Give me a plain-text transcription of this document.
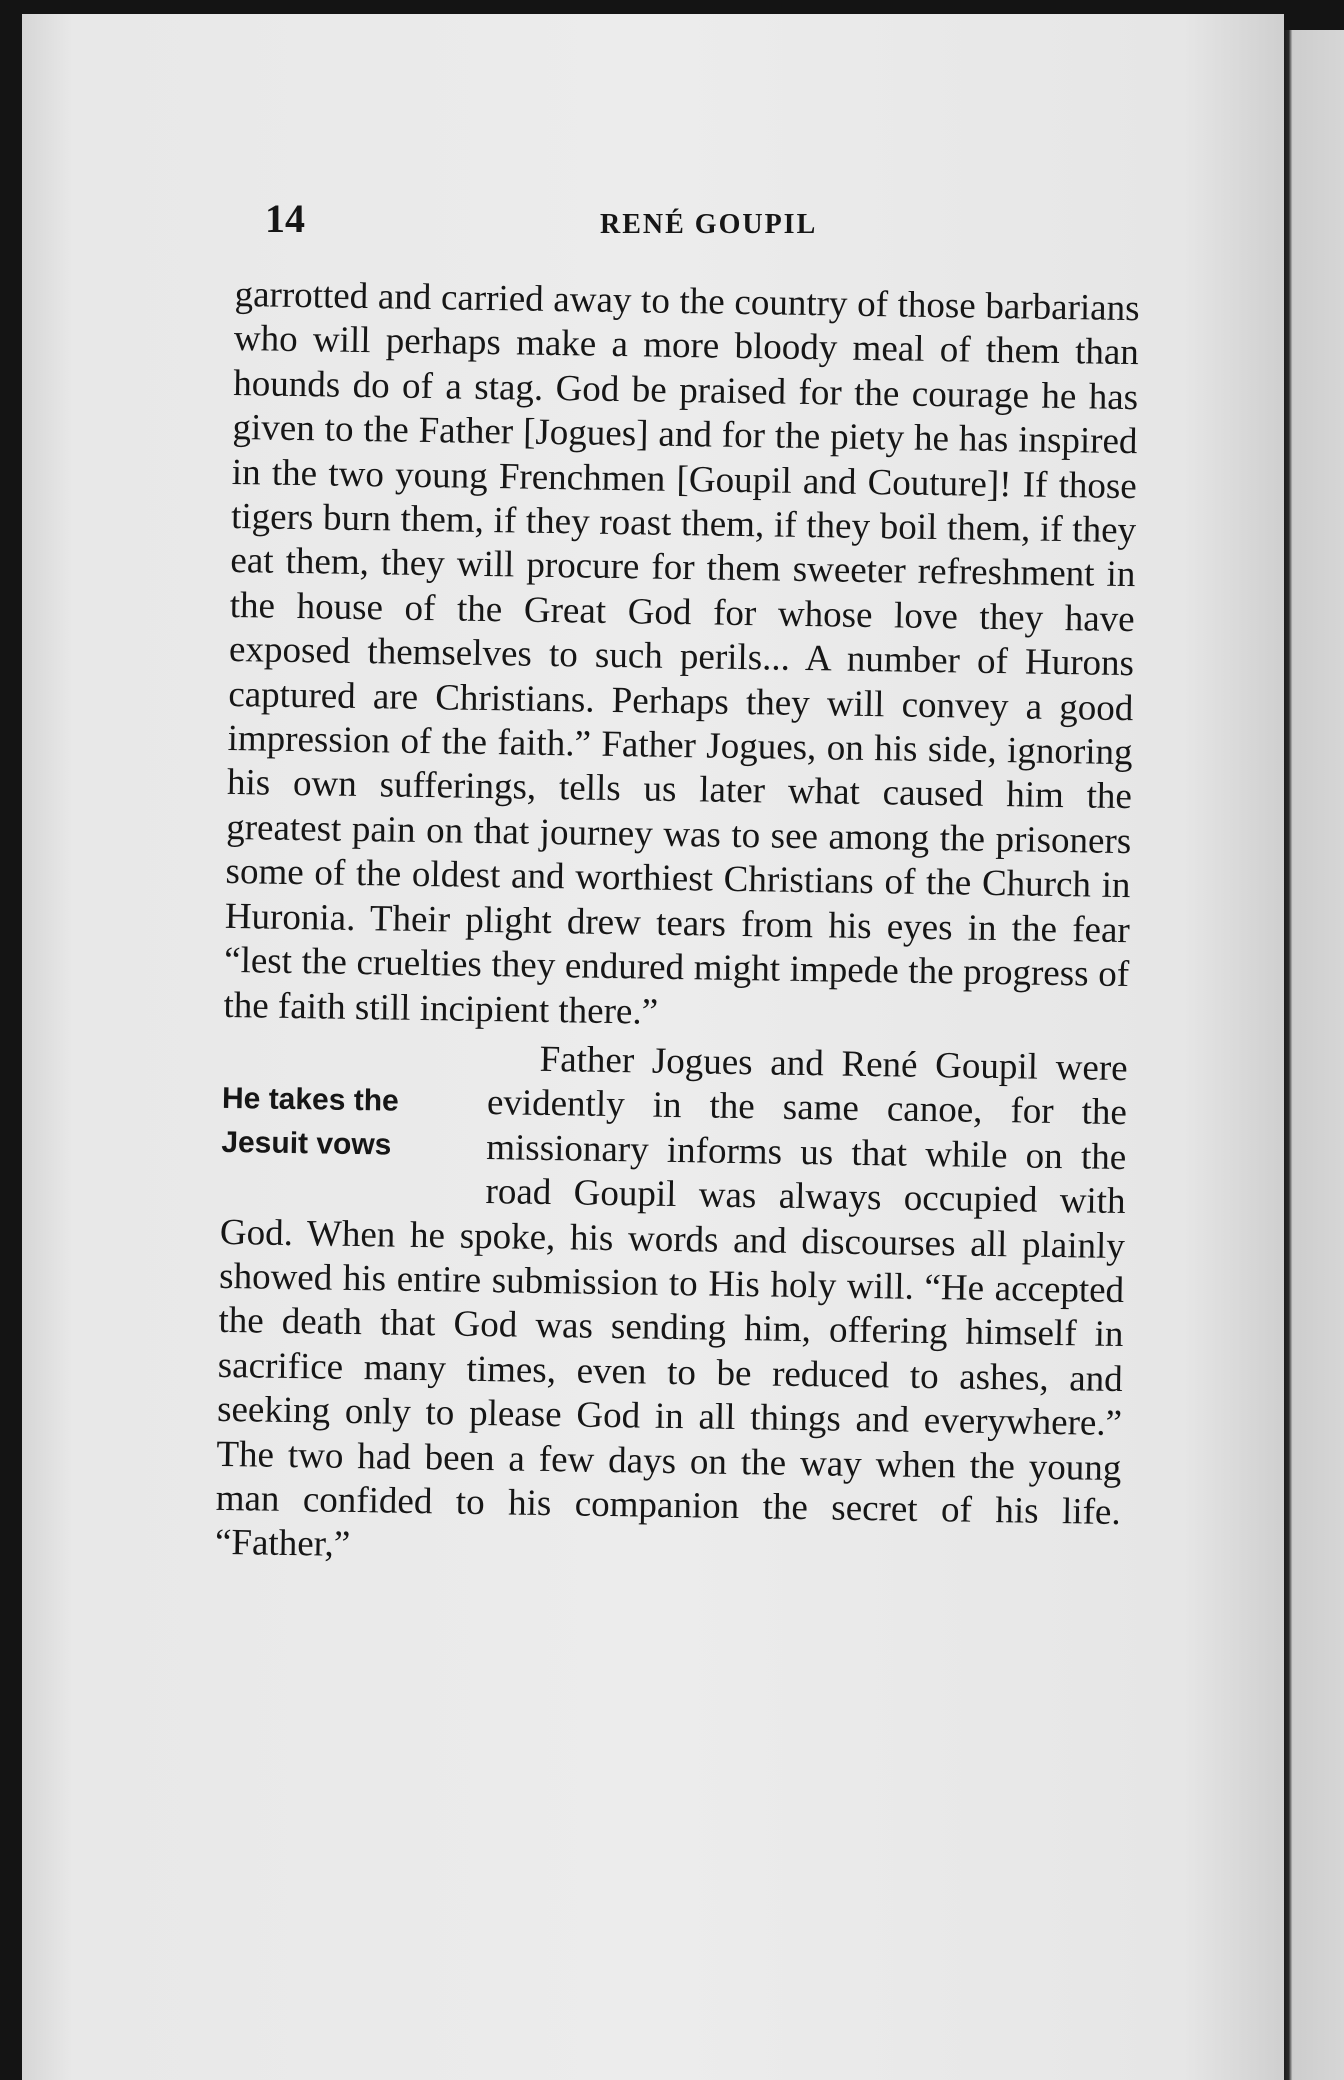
14	RENÉ GOUPIL

garrotted and carried away to the country of those barbarians who will perhaps make a more bloody meal of them than hounds do of a stag. God be praised for the courage he has given to the Father [Jogues] and for the piety he has inspired in the two young Frenchmen [Goupil and Couture]! If those tigers burn them, if they roast them, if they boil them, if they eat them, they will procure for them sweeter refreshment in the house of the Great God for whose love they have exposed themselves to such perils... A number of Hurons captured are Christians. Perhaps they will convey a good impression of the faith.” Father Jogues, on his side, ignoring his own sufferings, tells us later what caused him the greatest pain on that journey was to see among the prisoners some of the oldest and worthiest Christians of the Church in Huronia. Their plight drew tears from his eyes in the fear “lest the cruelties they endured might impede the progress of the faith still incipient there.”

He takes the Jesuit vows
Father Jogues and René Goupil were evidently in the same canoe, for the missionary informs us that while on the road Goupil was always occupied with God. When he spoke, his words and discourses all plainly showed his entire submission to His holy will. “He accepted the death that God was sending him, offering himself in sacrifice many times, even to be reduced to ashes, and seeking only to please God in all things and everywhere.” The two had been a few days on the way when the young man confided to his companion the secret of his life. “Father,”
